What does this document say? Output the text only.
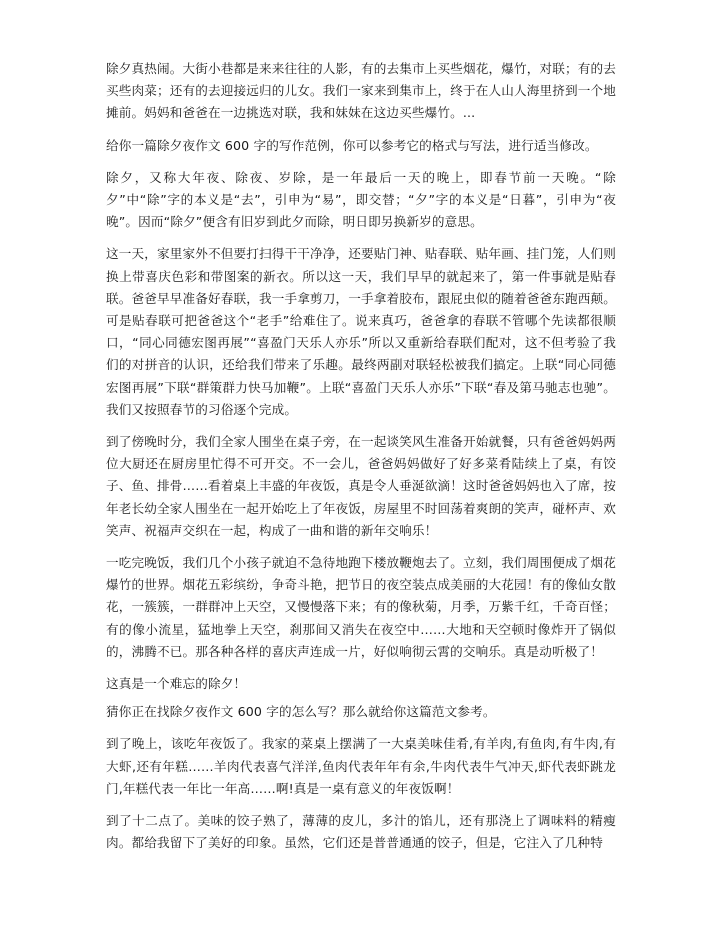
除夕真热闹。大街小巷都是来来往往的人影，有的去集市上买些烟花，爆竹，对联；有的去买些肉菜；还有的去迎接远归的儿女。我们一家来到集市上，终于在人山人海里挤到一个地摊前。妈妈和爸爸在一边挑选对联，我和妹妹在这边买些爆竹。...

给你一篇除夕夜作文 600 字的写作范例，你可以参考它的格式与写法，进行适当修改。

除夕，又称大年夜、除夜、岁除，是一年最后一天的晚上，即春节前一天晚。“除夕”中“除”字的本义是“去”，引申为“易”，即交替；“夕”字的本义是“日暮”，引申为“夜晚”。因而“除夕”便含有旧岁到此夕而除，明日即另换新岁的意思。

这一天，家里家外不但要打扫得干干净净，还要贴门神、贴春联、贴年画、挂门笼，人们则换上带喜庆色彩和带图案的新衣。所以这一天，我们早早的就起来了，第一件事就是贴春联。爸爸早早准备好春联，我一手拿剪刀，一手拿着胶布，跟屁虫似的随着爸爸东跑西颠。可是贴春联可把爸爸这个“老手”给难住了。说来真巧，爸爸拿的春联不管哪个先读都很顺口，“同心同德宏图再展”“喜盈门天乐人亦乐”所以又重新给春联们配对，这不但考验了我们的对拼音的认识，还给我们带来了乐趣。最终两副对联轻松被我们搞定。上联“同心同德宏图再展”下联“群策群力快马加鞭”。上联“喜盈门天乐人亦乐”下联“春及第马驰志也驰”。我们又按照春节的习俗逐个完成。

到了傍晚时分，我们全家人围坐在桌子旁，在一起谈笑风生准备开始就餐，只有爸爸妈妈两位大厨还在厨房里忙得不可开交。不一会儿，爸爸妈妈做好了好多菜肴陆续上了桌，有饺子、鱼、排骨……看着桌上丰盛的年夜饭，真是令人垂涎欲滴！这时爸爸妈妈也入了席，按年老长幼全家人围坐在一起开始吃上了年夜饭，房屋里不时回荡着爽朗的笑声，碰杯声、欢笑声、祝福声交织在一起，构成了一曲和谐的新年交响乐！

一吃完晚饭，我们几个小孩子就迫不急待地跑下楼放鞭炮去了。立刻，我们周围便成了烟花爆竹的世界。烟花五彩缤纷，争奇斗艳，把节日的夜空装点成美丽的大花园！有的像仙女散花，一簇簇，一群群冲上天空，又慢慢落下来；有的像秋菊，月季，万紫千红，千奇百怪；有的像小流星，猛地拳上天空，刹那间又消失在夜空中……大地和天空顿时像炸开了锅似的，沸腾不已。那各种各样的喜庆声连成一片，好似响彻云霄的交响乐。真是动听极了！

这真是一个难忘的除夕！

猜你正在找除夕夜作文 600 字的怎么写？那么就给你这篇范文参考。

到了晚上，该吃年夜饭了。我家的菜桌上摆满了一大桌美味佳肴,有羊肉,有鱼肉,有牛肉,有大虾,还有年糕……羊肉代表喜气洋洋,鱼肉代表年年有余,牛肉代表牛气冲天,虾代表虾跳龙门,年糕代表一年比一年高……啊!真是一桌有意义的年夜饭啊！

到了十二点了。美味的饺子熟了，薄薄的皮儿，多汁的馅儿，还有那浇上了调味料的精瘦肉。都给我留下了美好的印象。虽然，它们还是普普通通的饺子，但是，它注入了几种特
